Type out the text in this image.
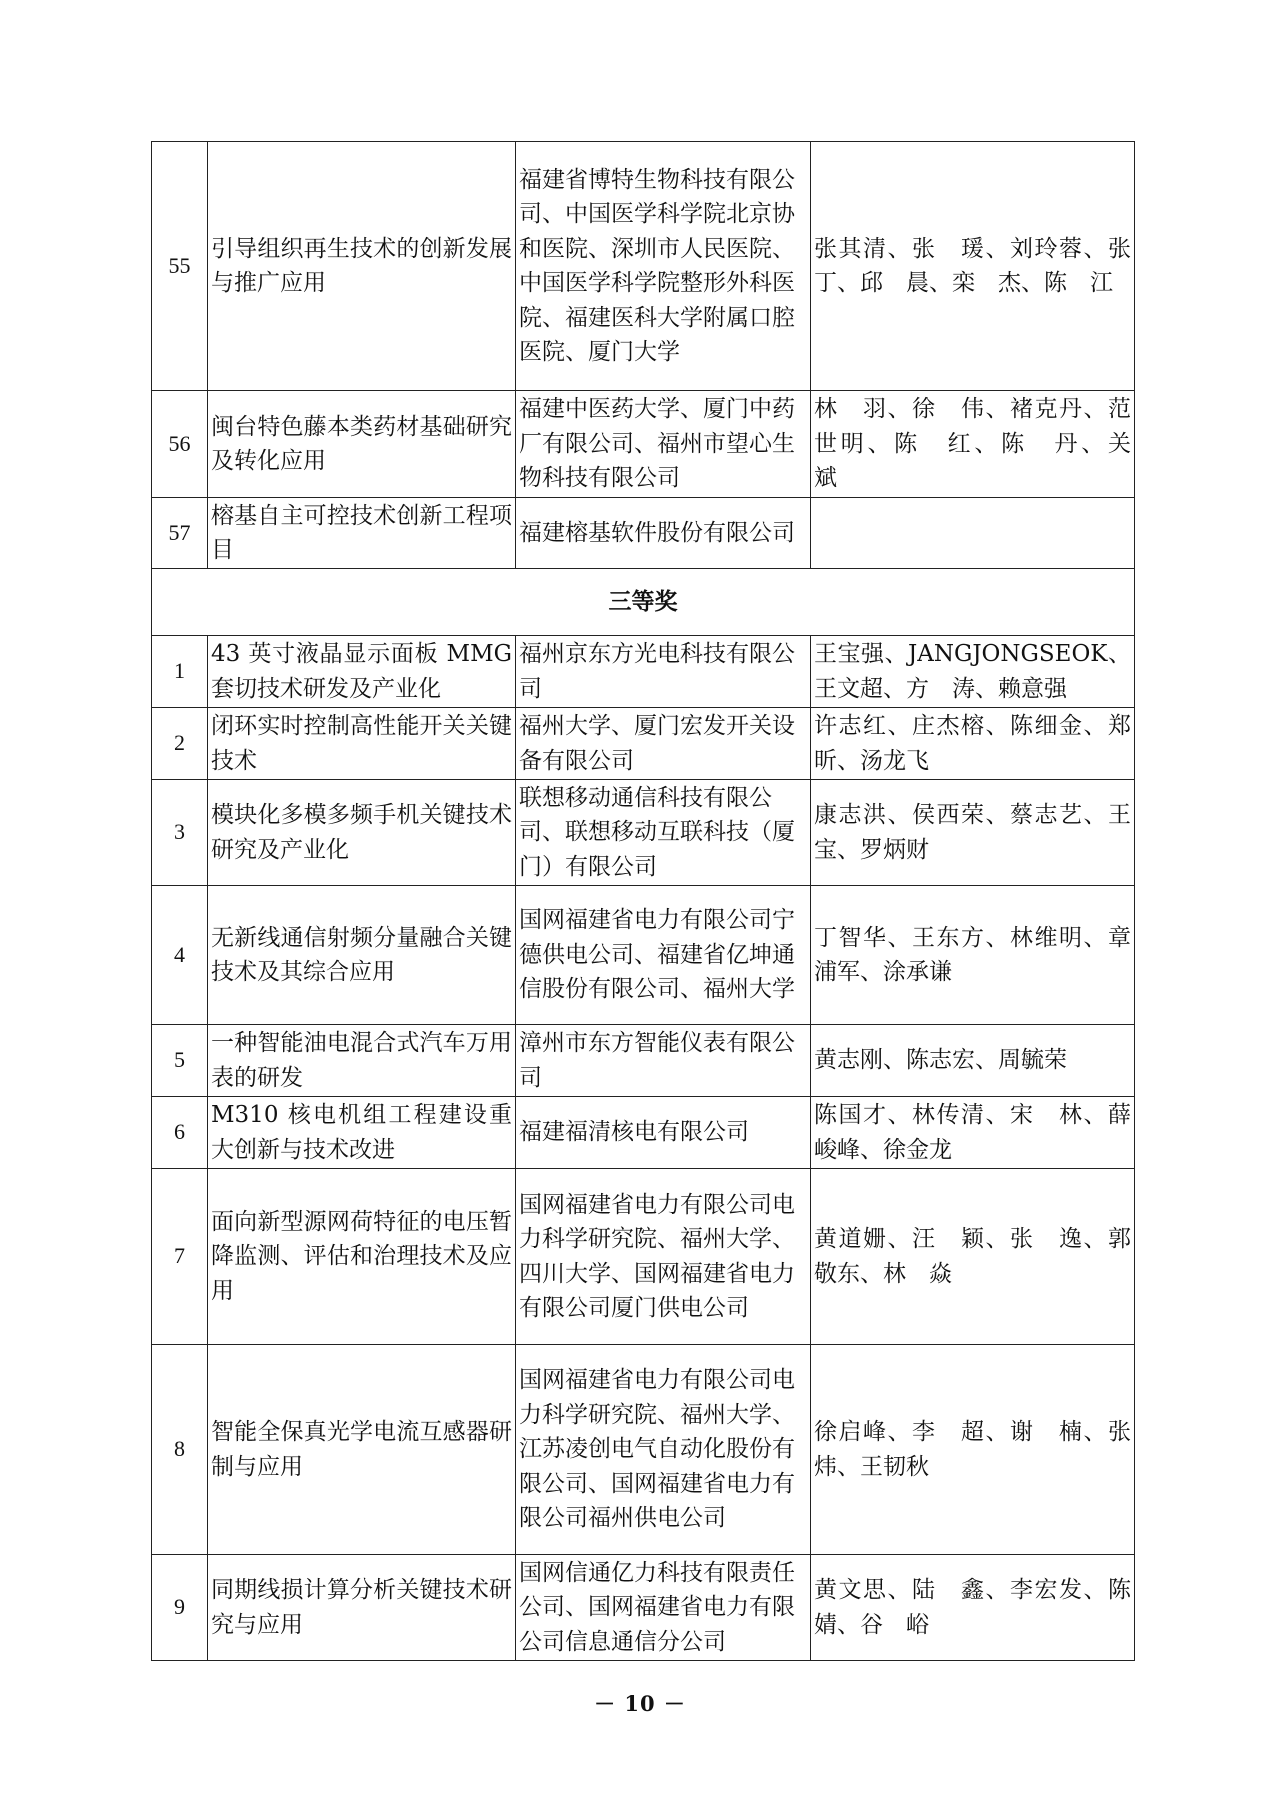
55	引导组织再生技术的创新发展与推广应用	福建省博特生物科技有限公司、中国医学科学院北京协和医院、深圳市人民医院、中国医学科学院整形外科医院、福建医科大学附属口腔医院、厦门大学	张其清、张　瑗、刘玲蓉、张　丁、邱　晨、栾　杰、陈　江
56	闽台特色藤本类药材基础研究及转化应用	福建中医药大学、厦门中药厂有限公司、福州市望心生物科技有限公司	林　羽、徐　伟、褚克丹、范世明、陈　红、陈　丹、关　斌
57	榕基自主可控技术创新工程项目	福建榕基软件股份有限公司	
三等奖			
1	43 英寸液晶显示面板 MMG 套切技术研发及产业化	福州京东方光电科技有限公司	王宝强、JANGJONGSEOK、王文超、方　涛、赖意强
2	闭环实时控制高性能开关关键技术	福州大学、厦门宏发开关设备有限公司	许志红、庄杰榕、陈细金、郑　昕、汤龙飞
3	模块化多模多频手机关键技术研究及产业化	联想移动通信科技有限公司、联想移动互联科技（厦门）有限公司	康志洪、侯西荣、蔡志艺、王　宝、罗炳财
4	无新线通信射频分量融合关键技术及其综合应用	国网福建省电力有限公司宁德供电公司、福建省亿坤通信股份有限公司、福州大学	丁智华、王东方、林维明、章浦军、涂承谦
5	一种智能油电混合式汽车万用表的研发	漳州市东方智能仪表有限公司	黄志刚、陈志宏、周毓荣
6	M310 核电机组工程建设重大创新与技术改进	福建福清核电有限公司	陈国才、林传清、宋　林、薛峻峰、徐金龙
7	面向新型源网荷特征的电压暂降监测、评估和治理技术及应用	国网福建省电力有限公司电力科学研究院、福州大学、四川大学、国网福建省电力有限公司厦门供电公司	黄道姗、汪　颖、张　逸、郭敬东、林　焱
8	智能全保真光学电流互感器研制与应用	国网福建省电力有限公司电力科学研究院、福州大学、江苏凌创电气自动化股份有限公司、国网福建省电力有限公司福州供电公司	徐启峰、李　超、谢　楠、张　炜、王韧秋
9	同期线损计算分析关键技术研究与应用	国网信通亿力科技有限责任公司、国网福建省电力有限公司信息通信分公司	黄文思、陆　鑫、李宏发、陈　婧、谷　峪
－ 10 －
